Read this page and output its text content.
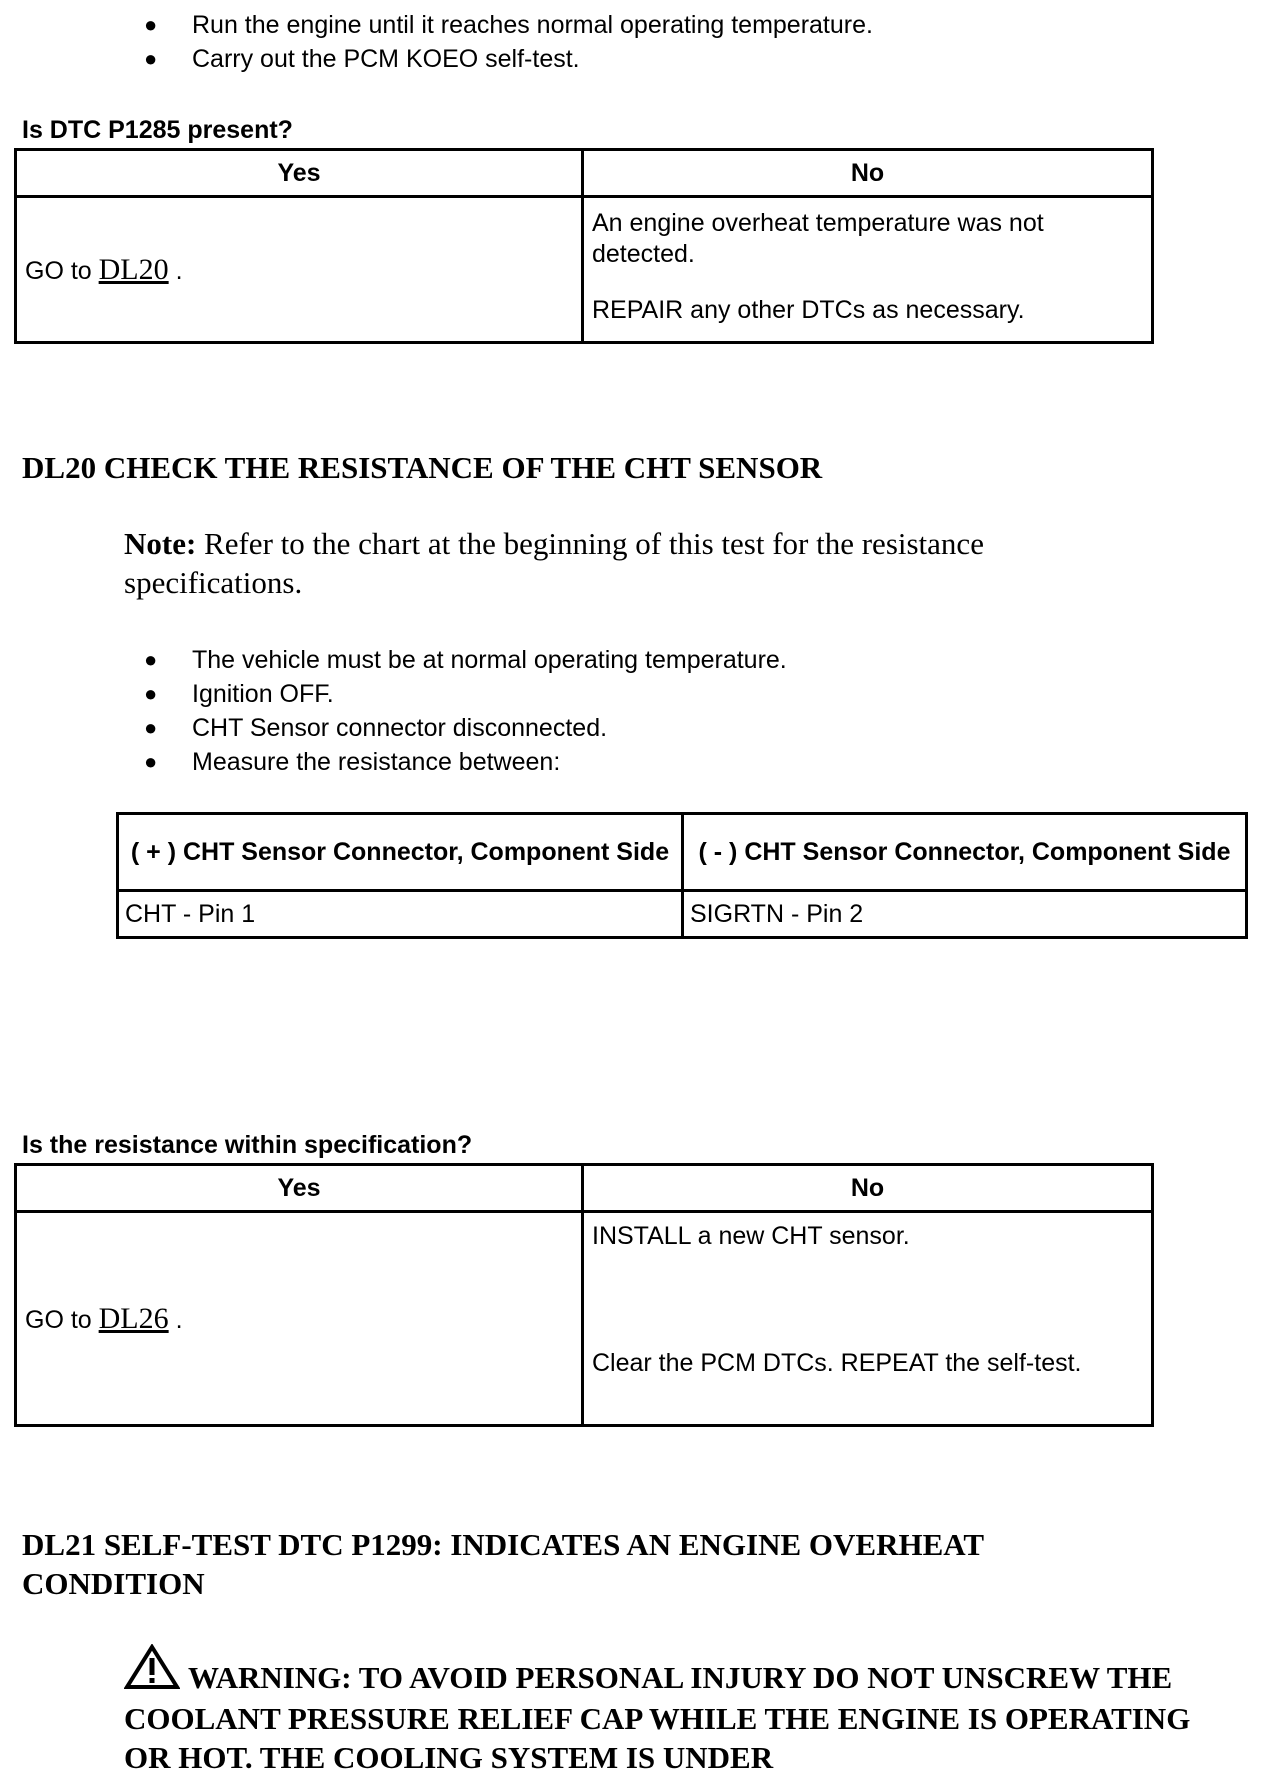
● Run the engine until it reaches normal operating temperature.
● Carry out the PCM KOEO self-test.
Is DTC P1285 present?
Yes	No
GO to DL20 .	An engine overheat temperature was not detected.
REPAIR any other DTCs as necessary.
DL20 CHECK THE RESISTANCE OF THE CHT SENSOR
Note: Refer to the chart at the beginning of this test for the resistance specifications.
● The vehicle must be at normal operating temperature.
● Ignition OFF.
● CHT Sensor connector disconnected.
● Measure the resistance between:
( + ) CHT Sensor Connector, Component Side	( - ) CHT Sensor Connector, Component Side
CHT - Pin 1	SIGRTN - Pin 2
Is the resistance within specification?
Yes	No
GO to DL26 .	INSTALL a new CHT sensor.
Clear the PCM DTCs. REPEAT the self-test.
DL21 SELF-TEST DTC P1299: INDICATES AN ENGINE OVERHEAT CONDITION
WARNING: TO AVOID PERSONAL INJURY DO NOT UNSCREW THE COOLANT PRESSURE RELIEF CAP WHILE THE ENGINE IS OPERATING OR HOT. THE COOLING SYSTEM IS UNDER
